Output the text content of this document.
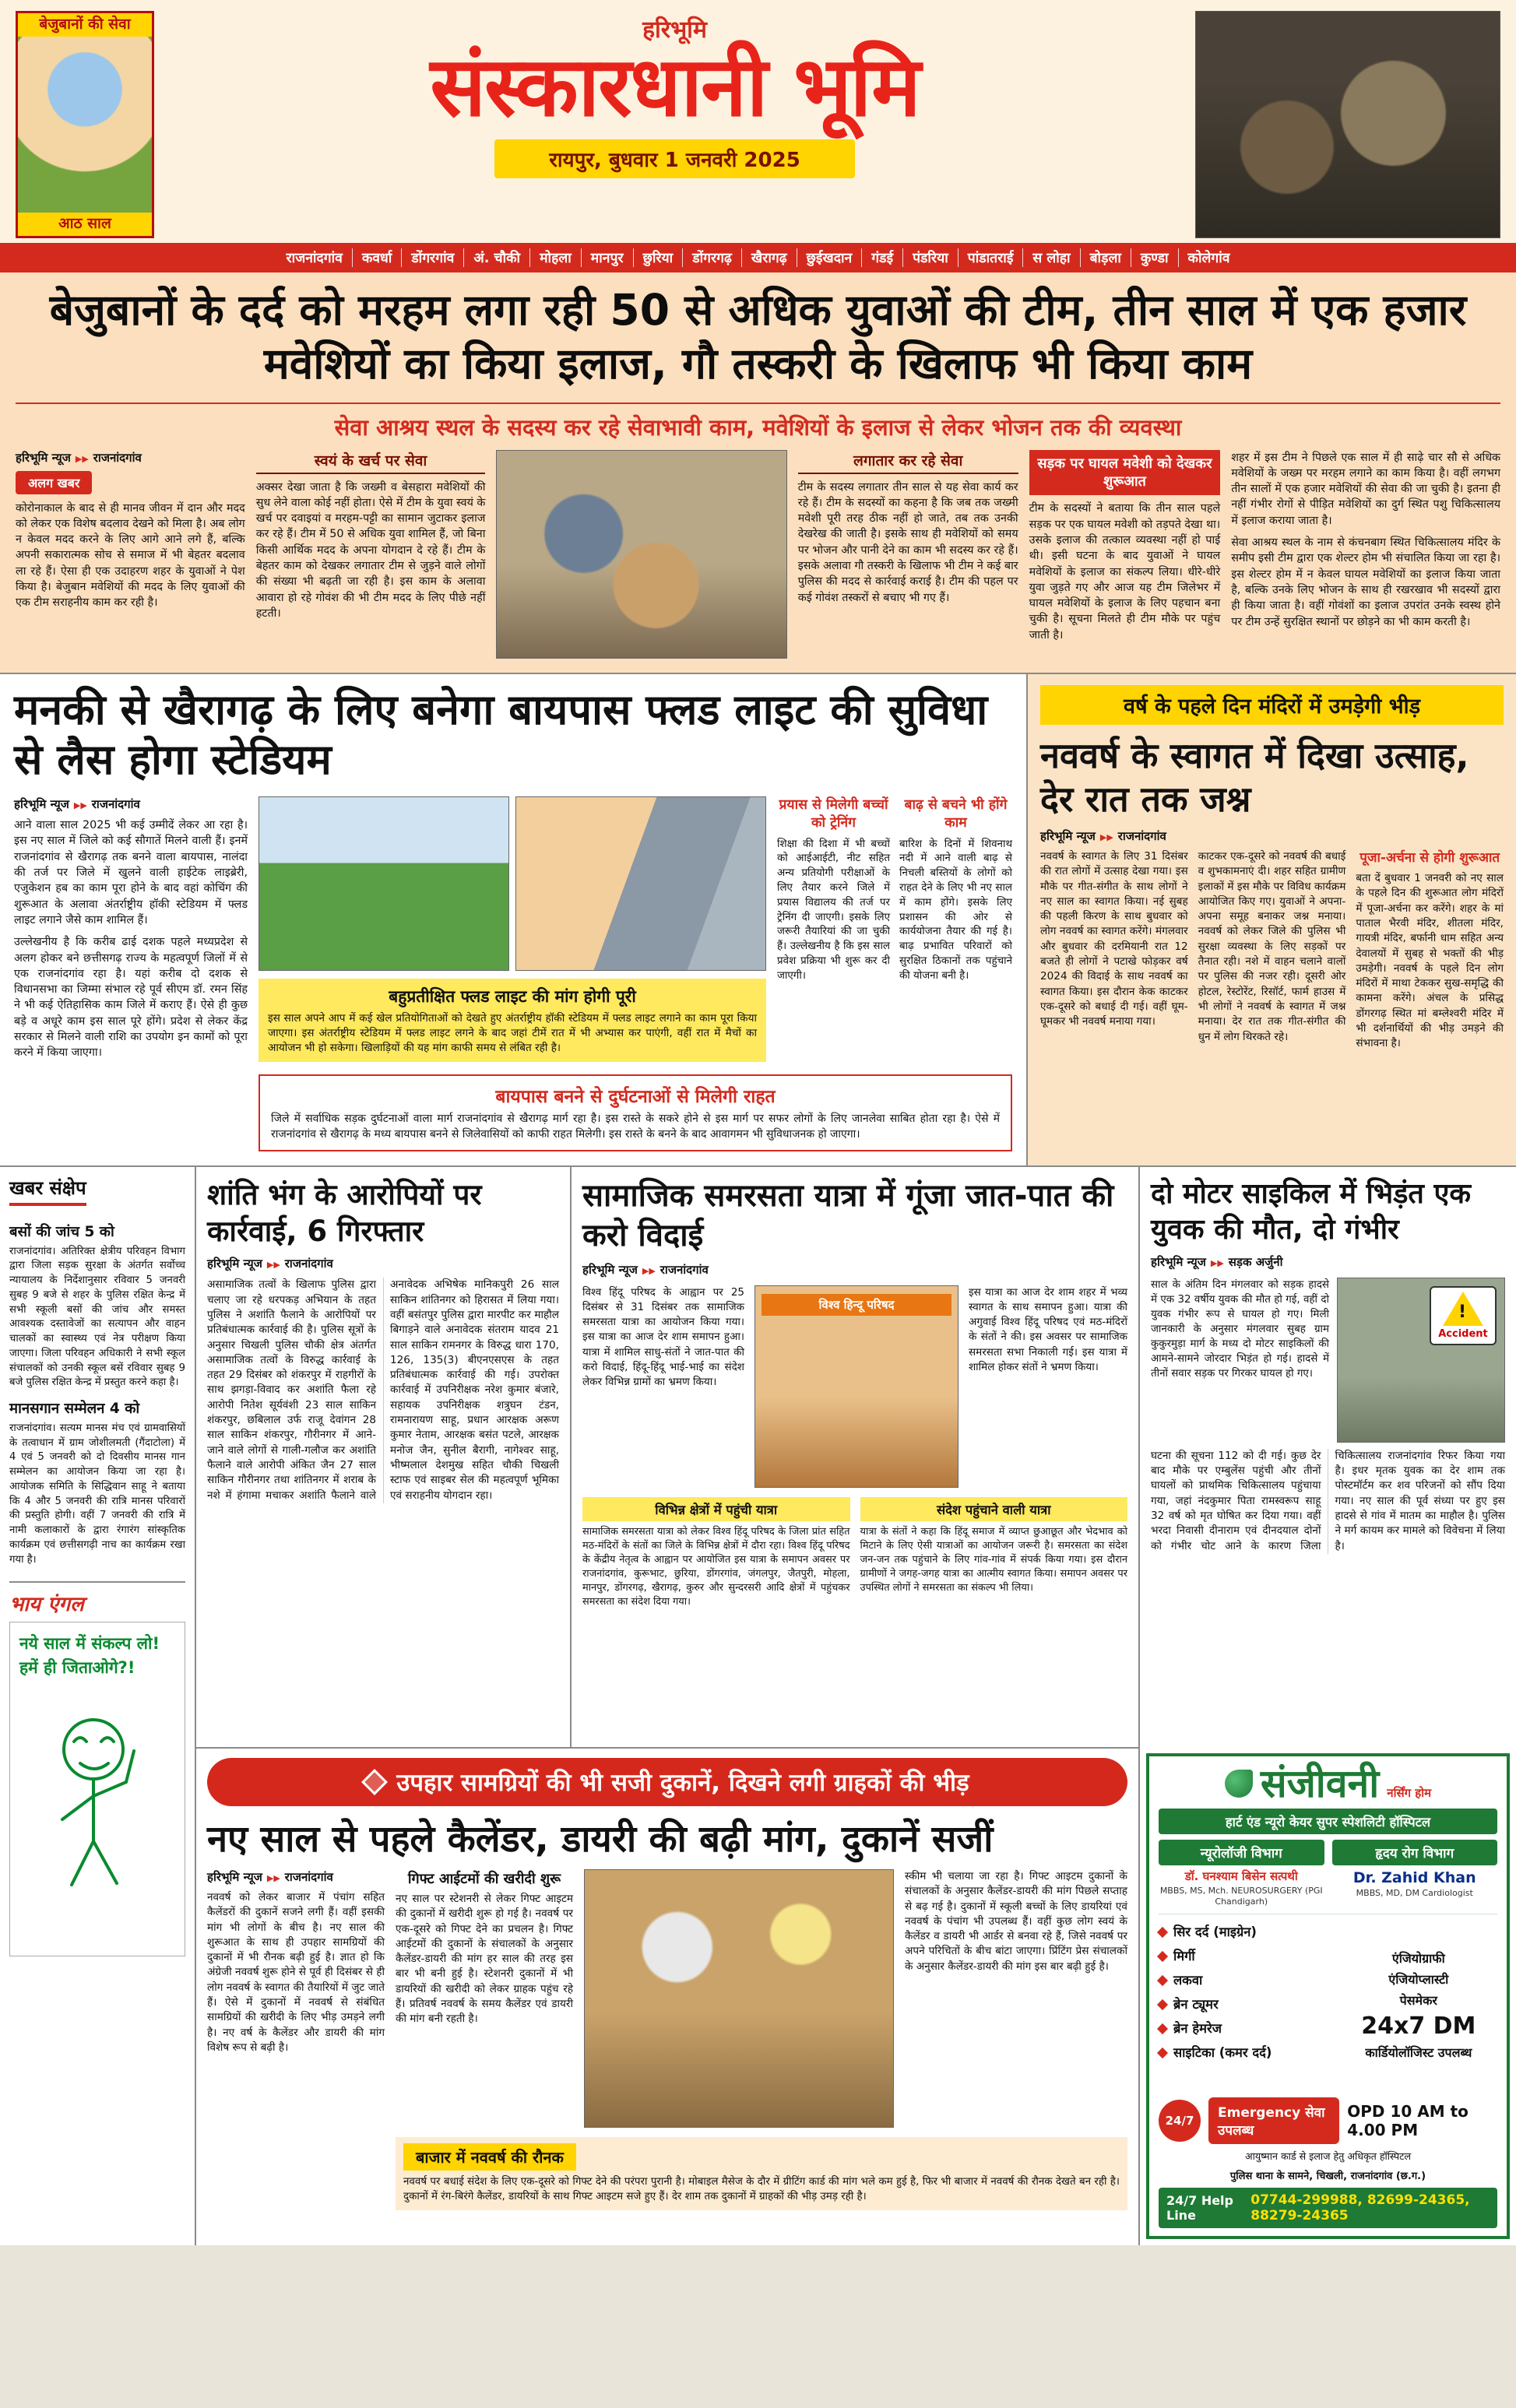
बेजुबानों की सेवा
आठ साल
हरिभूमि
संस्कारधानी भूमि
रायपुर, बुधवार 1 जनवरी 2025
राजनांदगांव	कवर्धा	डोंगरगांव	अं. चौकी	मोहला	मानपुर	छुरिया	डोंगरगढ़	खैरागढ़	छुईखदान	गंडई	पंडरिया	पांडातराई	स लोहा	बोड़ला	कुण्डा	कोलेगांव
बेजुबानों के दर्द को मरहम लगा रही 50 से अधिक युवाओं की टीम, तीन साल में एक हजार मवेशियों का किया इलाज, गौ तस्करी के खिलाफ भी किया काम
सेवा आश्रय स्थल के सदस्य कर रहे सेवाभावी काम, मवेशियों के इलाज से लेकर भोजन तक की व्यवस्था
हरिभूमि न्यूज ▶▶ राजनांदगांव
अलग खबर

कोरोनाकाल के बाद से ही मानव जीवन में दान और मदद को लेकर एक विशेष बदलाव देखने को मिला है। अब लोग न केवल मदद करने के लिए आगे आने लगे हैं, बल्कि अपनी सकारात्मक सोच से समाज में भी बेहतर बदलाव ला रहे हैं। ऐसा ही एक उदाहरण शहर के युवाओं ने पेश किया है। बेजुबान मवेशियों की मदद के लिए युवाओं की एक टीम सराहनीय काम कर रही है।

स्वयं के खर्च पर सेवा

अक्सर देखा जाता है कि जख्मी व बेसहारा मवेशियों की सुध लेने वाला कोई नहीं होता। ऐसे में टीम के युवा स्वयं के खर्च पर दवाइयां व मरहम-पट्टी का सामान जुटाकर इलाज कर रहे हैं। टीम में 50 से अधिक युवा शामिल हैं, जो बिना किसी आर्थिक मदद के अपना योगदान दे रहे हैं। टीम के बेहतर काम को देखकर लगातार टीम से जुड़ने वाले लोगों की संख्या भी बढ़ती जा रही है। इस काम के अलावा आवारा हो रहे गोवंश की भी टीम मदद के लिए पीछे नहीं हटती।

लगातार कर रहे सेवा

टीम के सदस्य लगातार तीन साल से यह सेवा कार्य कर रहे हैं। टीम के सदस्यों का कहना है कि जब तक जख्मी मवेशी पूरी तरह ठीक नहीं हो जाते, तब तक उनकी देखरेख की जाती है। इसके साथ ही मवेशियों को समय पर भोजन और पानी देने का काम भी सदस्य कर रहे हैं। इसके अलावा गौ तस्करी के खिलाफ भी टीम ने कई बार पुलिस की मदद से कार्रवाई कराई है। टीम की पहल पर कई गोवंश तस्करों से बचाए भी गए हैं।

सड़क पर घायल मवेशी को देखकर शुरूआत

टीम के सदस्यों ने बताया कि तीन साल पहले सड़क पर एक घायल मवेशी को तड़पते देखा था। उसके इलाज की तत्काल व्यवस्था नहीं हो पाई थी। इसी घटना के बाद युवाओं ने घायल मवेशियों के इलाज का संकल्प लिया। धीरे-धीरे युवा जुड़ते गए और आज यह टीम जिलेभर में घायल मवेशियों के इलाज के लिए पहचान बना चुकी है। सूचना मिलते ही टीम मौके पर पहुंच जाती है।

शहर में इस टीम ने पिछले एक साल में ही साढ़े चार सौ से अधिक मवेशियों के जख्म पर मरहम लगाने का काम किया है। वहीं लगभग तीन सालों में एक हजार मवेशियों की सेवा की जा चुकी है। इतना ही नहीं गंभीर रोगों से पीड़ित मवेशियों का दुर्ग स्थित पशु चिकित्सालय में इलाज कराया जाता है।

सेवा आश्रय स्थल के नाम से कंचनबाग स्थित चिकित्सालय मंदिर के समीप इसी टीम द्वारा एक शेल्टर होम भी संचालित किया जा रहा है। इस शेल्टर होम में न केवल घायल मवेशियों का इलाज किया जाता है, बल्कि उनके लिए भोजन के साथ ही रखरखाव भी सदस्यों द्वारा ही किया जाता है। वहीं गोवंशों का इलाज उपरांत उनके स्वस्थ होने पर टीम उन्हें सुरक्षित स्थानों पर छोड़ने का भी काम करती है।

मनकी से खैरागढ़ के लिए बनेगा बायपास फ्लड लाइट की सुविधा से लैस होगा स्टेडियम
हरिभूमि न्यूज ▶▶ राजनांदगांव

आने वाला साल 2025 भी कई उम्मीदें लेकर आ रहा है। इस नए साल में जिले को कई सौगातें मिलने वाली हैं। इनमें राजनांदगांव से खैरागढ़ तक बनने वाला बायपास, नालंदा की तर्ज पर जिले में खुलने वाली हाईटेक लाइब्रेरी, एजुकेशन हब का काम पूरा होने के बाद वहां कोचिंग की शुरूआत के अलावा अंतर्राष्ट्रीय हॉकी स्टेडियम में फ्लड लाइट लगाने जैसे काम शामिल हैं।

उल्लेखनीय है कि करीब ढाई दशक पहले मध्यप्रदेश से अलग होकर बने छत्तीसगढ़ राज्य के महत्वपूर्ण जिलों में से एक राजनांदगांव रहा है। यहां करीब दो दशक से विधानसभा का जिम्मा संभाल रहे पूर्व सीएम डॉ. रमन सिंह ने भी कई ऐतिहासिक काम जिले में कराए हैं। ऐसे ही कुछ बड़े व अधूरे काम इस साल पूरे होंगे। प्रदेश से लेकर केंद्र सरकार से मिलने वाली राशि का उपयोग इन कामों को पूरा करने में किया जाएगा।

बहुप्रतीक्षित फ्लड लाइट की मांग होगी पूरी

इस साल अपने आप में कई खेल प्रतियोगिताओं को देखते हुए अंतर्राष्ट्रीय हॉकी स्टेडियम में फ्लड लाइट लगाने का काम पूरा किया जाएगा। इस अंतर्राष्ट्रीय स्टेडियम में फ्लड लाइट लगने के बाद जहां टीमें रात में भी अभ्यास कर पाएंगी, वहीं रात में मैचों का आयोजन भी हो सकेगा। खिलाड़ियों की यह मांग काफी समय से लंबित रही है।

प्रयास से मिलेगी बच्चों को ट्रेनिंग

शिक्षा की दिशा में भी बच्चों को आईआईटी, नीट सहित अन्य प्रतियोगी परीक्षाओं के लिए तैयार करने जिले में प्रयास विद्यालय की तर्ज पर ट्रेनिंग दी जाएगी। इसके लिए जरूरी तैयारियां की जा चुकी हैं। उल्लेखनीय है कि इस साल प्रवेश प्रक्रिया भी शुरू कर दी जाएगी।

बाढ़ से बचने भी होंगे काम

बारिश के दिनों में शिवनाथ नदी में आने वाली बाढ़ से निचली बस्तियों के लोगों को राहत देने के लिए भी नए साल में काम होंगे। इसके लिए प्रशासन की ओर से कार्ययोजना तैयार की गई है। बाढ़ प्रभावित परिवारों को सुरक्षित ठिकानों तक पहुंचाने की योजना बनी है।

बायपास बनने से दुर्घटनाओं से मिलेगी राहत

जिले में सर्वाधिक सड़क दुर्घटनाओं वाला मार्ग राजनांदगांव से खैरागढ़ मार्ग रहा है। इस रास्ते के सकरे होने से इस मार्ग पर सफर लोगों के लिए जानलेवा साबित होता रहा है। ऐसे में राजनांदगांव से खैरागढ़ के मध्य बायपास बनने से जिलेवासियों को काफी राहत मिलेगी। इस रास्ते के बनने के बाद आवागमन भी सुविधाजनक हो जाएगा।

वर्ष के पहले दिन मंदिरों में उमड़ेगी भीड़
नववर्ष के स्वागत में दिखा उत्साह, देर रात तक जश्न
हरिभूमि न्यूज ▶▶ राजनांदगांव

नववर्ष के स्वागत के लिए 31 दिसंबर की रात लोगों में उत्साह देखा गया। इस मौके पर गीत-संगीत के साथ लोगों ने नए साल का स्वागत किया। नई सुबह की पहली किरण के साथ बुधवार को लोग नववर्ष का स्वागत करेंगे। मंगलवार और बुधवार की दरमियानी रात 12 बजते ही लोगों ने पटाखे फोड़कर वर्ष 2024 की विदाई के साथ नववर्ष का स्वागत किया। इस दौरान केक काटकर एक-दूसरे को बधाई दी गई। वहीं घूम-घूमकर भी नववर्ष मनाया गया।

काटकर एक-दूसरे को नववर्ष की बधाई व शुभकामनाएं दी। शहर सहित ग्रामीण इलाकों में इस मौके पर विविध कार्यक्रम आयोजित किए गए। युवाओं ने अपना-अपना समूह बनाकर जश्न मनाया। नववर्ष को लेकर जिले की पुलिस भी सुरक्षा व्यवस्था के लिए सड़कों पर तैनात रही। नशे में वाहन चलाने वालों पर पुलिस की नजर रही। दूसरी ओर होटल, रेस्टोरेंट, रिसॉर्ट, फार्म हाउस में भी लोगों ने नववर्ष के स्वागत में जश्न मनाया। देर रात तक गीत-संगीत की धुन में लोग थिरकते रहे।

पूजा-अर्चना से होगी शुरूआत

बता दें बुधवार 1 जनवरी को नए साल के पहले दिन की शुरूआत लोग मंदिरों में पूजा-अर्चना कर करेंगे। शहर के मां पाताल भैरवी मंदिर, शीतला मंदिर, गायत्री मंदिर, बर्फानी धाम सहित अन्य देवालयों में सुबह से भक्तों की भीड़ उमड़ेगी। नववर्ष के पहले दिन लोग मंदिरों में माथा टेककर सुख-समृद्धि की कामना करेंगे। अंचल के प्रसिद्ध डोंगरगढ़ स्थित मां बम्लेश्वरी मंदिर में भी दर्शनार्थियों की भीड़ उमड़ने की संभावना है।

खबर संक्षेप
बसों की जांच 5 को

राजनांदगांव। अतिरिक्त क्षेत्रीय परिवहन विभाग द्वारा जिला सड़क सुरक्षा के अंतर्गत सर्वोच्च न्यायालय के निर्देशानुसार रविवार 5 जनवरी सुबह 9 बजे से शहर के पुलिस रक्षित केन्द्र में सभी स्कूली बसों की जांच और समस्त आवश्यक दस्तावेजों का सत्यापन और वाहन चालकों का स्वास्थ्य एवं नेत्र परीक्षण किया जाएगा। जिला परिवहन अधिकारी ने सभी स्कूल संचालकों को उनकी स्कूल बसें रविवार सुबह 9 बजे पुलिस रक्षित केन्द्र में प्रस्तुत करने कहा है।

मानसगान सम्मेलन 4 को

राजनांदगांव। सत्यम मानस मंच एवं ग्रामवासियों के तत्वाधान में ग्राम जोशीलमती (गैंदाटोला) में 4 एवं 5 जनवरी को दो दिवसीय मानस गान सम्मेलन का आयोजन किया जा रहा है। आयोजक समिति के सिद्धिवान साहू ने बताया कि 4 और 5 जनवरी की रात्रि मानस परिवारों की प्रस्तुति होगी। वहीं 7 जनवरी की रात्रि में नामी कलाकारों के द्वारा रंगारंग सांस्कृतिक कार्यक्रम एवं छत्तीसगढ़ी नाच का कार्यक्रम रखा गया है।

भाय एंगल

नये साल में संकल्प लो! हमें ही जिताओगे?!

शांति भंग के आरोपियों पर कार्रवाई, 6 गिरफ्तार
हरिभूमि न्यूज ▶▶ राजनांदगांव

असामाजिक तत्वों के खिलाफ पुलिस द्वारा चलाए जा रहे धरपकड़ अभियान के तहत पुलिस ने अशांति फैलाने के आरोपियों पर प्रतिबंधात्मक कार्रवाई की है। पुलिस सूत्रों के अनुसार चिखली पुलिस चौकी क्षेत्र अंतर्गत असामाजिक तत्वों के विरुद्ध कार्रवाई के तहत 29 दिसंबर को शंकरपुर में राहगीरों के साथ झगड़ा-विवाद कर अशांति फैला रहे आरोपी नितेश सूर्यवंशी 23 साल साकिन शंकरपुर, छबिलाल उर्फ राजू देवांगन 28 साल साकिन शंकरपुर, गौरीनगर में आने-जाने वाले लोगों से गाली-गलौज कर अशांति फैलाने वाले आरोपी अंकित जैन 27 साल साकिन गौरीनगर तथा शांतिनगर में शराब के नशे में हंगामा मचाकर अशांति फैलाने वाले अनावेदक अभिषेक मानिकपुरी 26 साल साकिन शांतिनगर को हिरासत में लिया गया। वहीं बसंतपुर पुलिस द्वारा मारपीट कर माहौल बिगाड़ने वाले अनावेदक संतराम यादव 21 साल साकिन रामनगर के विरुद्ध धारा 170, 126, 135(3) बीएनएसएस के तहत प्रतिबंधात्मक कार्रवाई की गई। उपरोक्त कार्रवाई में उपनिरीक्षक नरेश कुमार बंजारे, सहायक उपनिरीक्षक शत्रुघन टंडन, रामनारायण साहू, प्रधान आरक्षक अरूण कुमार नेताम, आरक्षक बसंत पटले, आरक्षक मनोज जैन, सुनील बैरागी, नागेश्वर साहू, भीष्मलाल देशमुख सहित चौकी चिखली स्टाफ एवं साइबर सेल की महत्वपूर्ण भूमिका एवं सराहनीय योगदान रहा।

सामाजिक समरसता यात्रा में गूंजा जात-पात की करो विदाई
हरिभूमि न्यूज ▶▶ राजनांदगांव

विश्व हिंदू परिषद के आह्वान पर 25 दिसंबर से 31 दिसंबर तक सामाजिक समरसता यात्रा का आयोजन किया गया। इस यात्रा का आज देर शाम समापन हुआ। यात्रा में शामिल साधु-संतों ने जात-पात की करो विदाई, हिंदू-हिंदू भाई-भाई का संदेश लेकर विभिन्न ग्रामों का भ्रमण किया।

विश्व हिन्दू परिषद

इस यात्रा का आज देर शाम शहर में भव्य स्वागत के साथ समापन हुआ। यात्रा की अगुवाई विश्व हिंदू परिषद एवं मठ-मंदिरों के संतों ने की। इस अवसर पर सामाजिक समरसता सभा निकाली गई। इस यात्रा में शामिल होकर संतों ने भ्रमण किया।

विभिन्न क्षेत्रों में पहुंची यात्रा

सामाजिक समरसता यात्रा को लेकर विश्व हिंदू परिषद के जिला प्रांत सहित मठ-मंदिरों के संतों का जिले के विभिन्न क्षेत्रों में दौरा रहा। विश्व हिंदू परिषद के केंद्रीय नेतृत्व के आह्वान पर आयोजित इस यात्रा के समापन अवसर पर राजनांदगांव, कुरूभाट, छुरिया, डोंगरगांव, जंगलपुर, जैतपुरी, मोहला, मानपुर, डोंगरगढ़, खैरागढ़, कुरुर और सुन्दरसरी आदि क्षेत्रों में पहुंचकर समरसता का संदेश दिया गया।

संदेश पहुंचाने वाली यात्रा

यात्रा के संतों ने कहा कि हिंदू समाज में व्याप्त छुआछूत और भेदभाव को मिटाने के लिए ऐसी यात्राओं का आयोजन जरूरी है। समरसता का संदेश जन-जन तक पहुंचाने के लिए गांव-गांव में संपर्क किया गया। इस दौरान ग्रामीणों ने जगह-जगह यात्रा का आत्मीय स्वागत किया। समापन अवसर पर उपस्थित लोगों ने समरसता का संकल्प भी लिया।

दो मोटर साइकिल में भिड़ंत एक युवक की मौत, दो गंभीर
हरिभूमि न्यूज ▶▶ सड़क अर्जुनी

साल के अंतिम दिन मंगलवार को सड़क हादसे में एक 32 वर्षीय युवक की मौत हो गई, वहीं दो युवक गंभीर रूप से घायल हो गए। मिली जानकारी के अनुसार मंगलवार सुबह ग्राम कुकुरमुड़ा मार्ग के मध्य दो मोटर साइकिलों की आमने-सामने जोरदार भिड़ंत हो गई। हादसे में तीनों सवार सड़क पर गिरकर घायल हो गए।

!
Accident

घटना की सूचना 112 को दी गई। कुछ देर बाद मौके पर एम्बुलेंस पहुंची और तीनों घायलों को प्राथमिक चिकित्सालय पहुंचाया गया, जहां नंदकुमार पिता रामस्वरूप साहू 32 वर्ष को मृत घोषित कर दिया गया। वहीं भरदा निवासी दीनाराम एवं दीनदयाल दोनों को गंभीर चोट आने के कारण जिला चिकित्सालय राजनांदगांव रिफर किया गया है। इधर मृतक युवक का देर शाम तक पोस्टमॉर्टम कर शव परिजनों को सौंप दिया गया। नए साल की पूर्व संध्या पर हुए इस हादसे से गांव में मातम का माहौल है। पुलिस ने मर्ग कायम कर मामले को विवेचना में लिया है।

उपहार सामग्रियों की भी सजी दुकानें, दिखने लगी ग्राहकों की भीड़
नए साल से पहले कैलेंडर, डायरी की बढ़ी मांग, दुकानें सजीं
हरिभूमि न्यूज ▶▶ राजनांदगांव

नववर्ष को लेकर बाजार में पंचांग सहित कैलेंडरों की दुकानें सजने लगी हैं। वहीं इसकी मांग भी लोगों के बीच है। नए साल की शुरूआत के साथ ही उपहार सामग्रियों की दुकानों में भी रौनक बढ़ी हुई है। ज्ञात हो कि अंग्रेजी नववर्ष शुरू होने से पूर्व ही दिसंबर से ही लोग नववर्ष के स्वागत की तैयारियों में जुट जाते हैं। ऐसे में दुकानों में नववर्ष से संबंधित सामग्रियों की खरीदी के लिए भीड़ उमड़ने लगी है। नए वर्ष के कैलेंडर और डायरी की मांग विशेष रूप से बढ़ी है।

गिफ्ट आईटमों की खरीदी शुरू

नए साल पर स्टेशनरी से लेकर गिफ्ट आइटम की दुकानों में खरीदी शुरू हो गई है। नववर्ष पर एक-दूसरे को गिफ्ट देने का प्रचलन है। गिफ्ट आईटमों की दुकानों के संचालकों के अनुसार कैलेंडर-डायरी की मांग हर साल की तरह इस बार भी बनी हुई है। स्टेशनरी दुकानों में भी डायरियों की खरीदी को लेकर ग्राहक पहुंच रहे हैं। प्रतिवर्ष नववर्ष के समय कैलेंडर एवं डायरी की मांग बनी रहती है।

स्कीम भी चलाया जा रहा है। गिफ्ट आइटम दुकानों के संचालकों के अनुसार कैलेंडर-डायरी की मांग पिछले सप्ताह से बढ़ गई है। दुकानों में स्कूली बच्चों के लिए डायरियां एवं नववर्ष के पंचांग भी उपलब्ध हैं। वहीं कुछ लोग स्वयं के कैलेंडर व डायरी भी आर्डर से बनवा रहे हैं, जिसे नववर्ष पर अपने परिचितों के बीच बांटा जाएगा। प्रिंटिंग प्रेस संचालकों के अनुसार कैलेंडर-डायरी की मांग इस बार बढ़ी हुई है।

बाजार में नववर्ष की रौनक

नववर्ष पर बधाई संदेश के लिए एक-दूसरे को गिफ्ट देने की परंपरा पुरानी है। मोबाइल मैसेज के दौर में ग्रीटिंग कार्ड की मांग भले कम हुई है, फिर भी बाजार में नववर्ष की रौनक देखते बन रही है। दुकानों में रंग-बिरंगे कैलेंडर, डायरियों के साथ गिफ्ट आइटम सजे हुए हैं। देर शाम तक दुकानों में ग्राहकों की भीड़ उमड़ रही है।

संजीवनी नर्सिंग होम
हार्ट एंड न्यूरो केयर सुपर स्पेशलिटी हॉस्पिटल
न्यूरोलॉजी विभाग
डॉ. घनश्याम बिसेन सत्पथी
MBBS, MS, Mch. NEUROSURGERY (PGI Chandigarh)
हृदय रोग विभाग
Dr. Zahid Khan
MBBS, MD, DM Cardiologist
सिर दर्द (माइग्रेन)
मिर्गी
लकवा
ब्रेन ट्यूमर
ब्रेन हेमरेज
साइटिका (कमर दर्द)
एंजियोग्राफी
एंजियोप्लास्टी
पेसमेकर
24x7 DM
कार्डियोलॉजिस्ट उपलब्ध
24/7	Emergency सेवा उपलब्ध
OPD 10 AM to 4.00 PM
आयुष्मान कार्ड से इलाज हेतु अधिकृत हॉस्पिटल
पुलिस थाना के सामने, चिखली, राजनांदगांव (छ.ग.)
24/7 Help Line
07744-299988, 82699-24365, 88279-24365
